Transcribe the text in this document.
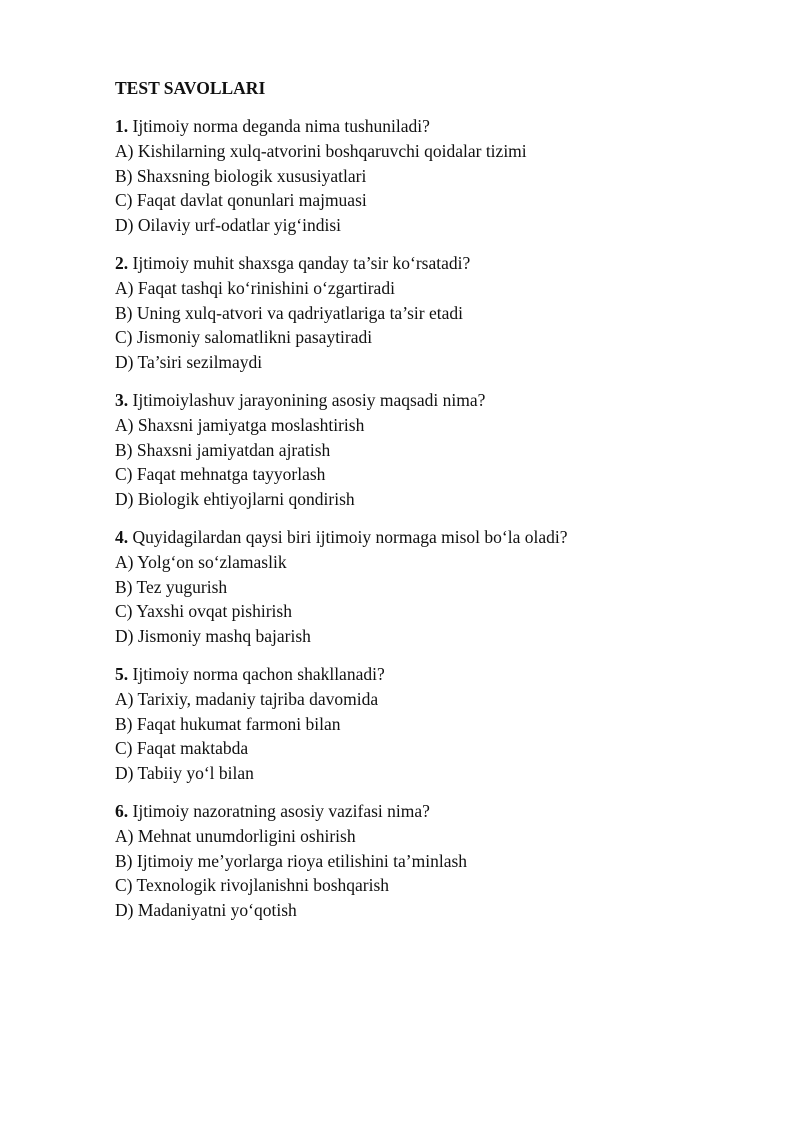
TEST SAVOLLARI
1. Ijtimoiy norma deganda nima tushuniladi?
A) Kishilarning xulq-atvorini boshqaruvchi qoidalar tizimi
B) Shaxsning biologik xususiyatlari
C) Faqat davlat qonunlari majmuasi
D) Oilaviy urf-odatlar yig‘indisi
2. Ijtimoiy muhit shaxsga qanday ta’sir ko‘rsatadi?
A) Faqat tashqi ko‘rinishini o‘zgartiradi
B) Uning xulq-atvori va qadriyatlariga ta’sir etadi
C) Jismoniy salomatlikni pasaytiradi
D) Ta’siri sezilmaydi
3. Ijtimoiylashuv jarayonining asosiy maqsadi nima?
A) Shaxsni jamiyatga moslashtirish
B) Shaxsni jamiyatdan ajratish
C) Faqat mehnatga tayyorlash
D) Biologik ehtiyojlarni qondirish
4. Quyidagilardan qaysi biri ijtimoiy normaga misol bo‘la oladi?
A) Yolg‘on so‘zlamaslik
B) Tez yugurish
C) Yaxshi ovqat pishirish
D) Jismoniy mashq bajarish
5. Ijtimoiy norma qachon shakllanadi?
A) Tarixiy, madaniy tajriba davomida
B) Faqat hukumat farmoni bilan
C) Faqat maktabda
D) Tabiiy yo‘l bilan
6. Ijtimoiy nazoratning asosiy vazifasi nima?
A) Mehnat unumdorligini oshirish
B) Ijtimoiy me’yorlarga rioya etilishini ta’minlash
C) Texnologik rivojlanishni boshqarish
D) Madaniyatni yo‘qotish
